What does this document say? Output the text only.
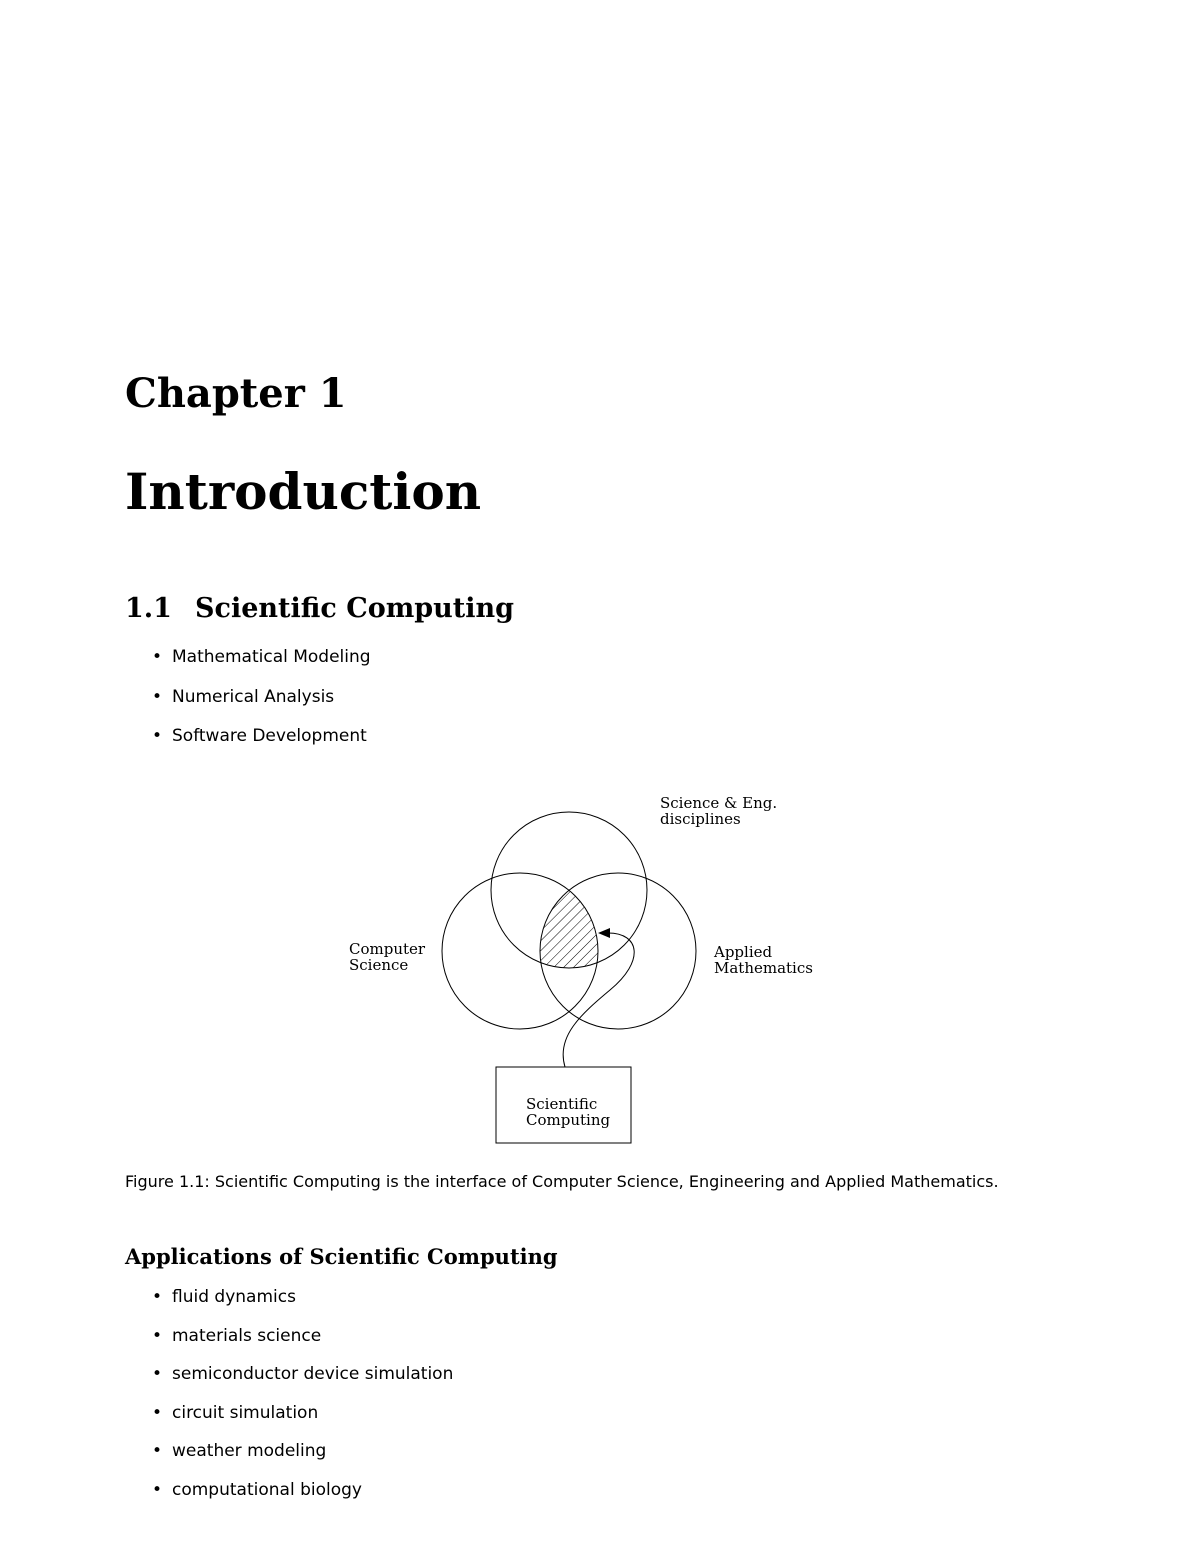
Chapter 1
Introduction
1.1 Scientific Computing
• Mathematical Modeling
• Numerical Analysis
• Software Development
Science & Eng.
disciplines
Computer
Science
Applied
Mathematics
Scientific
Computing
Figure 1.1: Scientific Computing is the interface of Computer Science, Engineering and Applied Mathematics.
Applications of Scientific Computing
• fluid dynamics
• materials science
• semiconductor device simulation
• circuit simulation
• weather modeling
• computational biology
